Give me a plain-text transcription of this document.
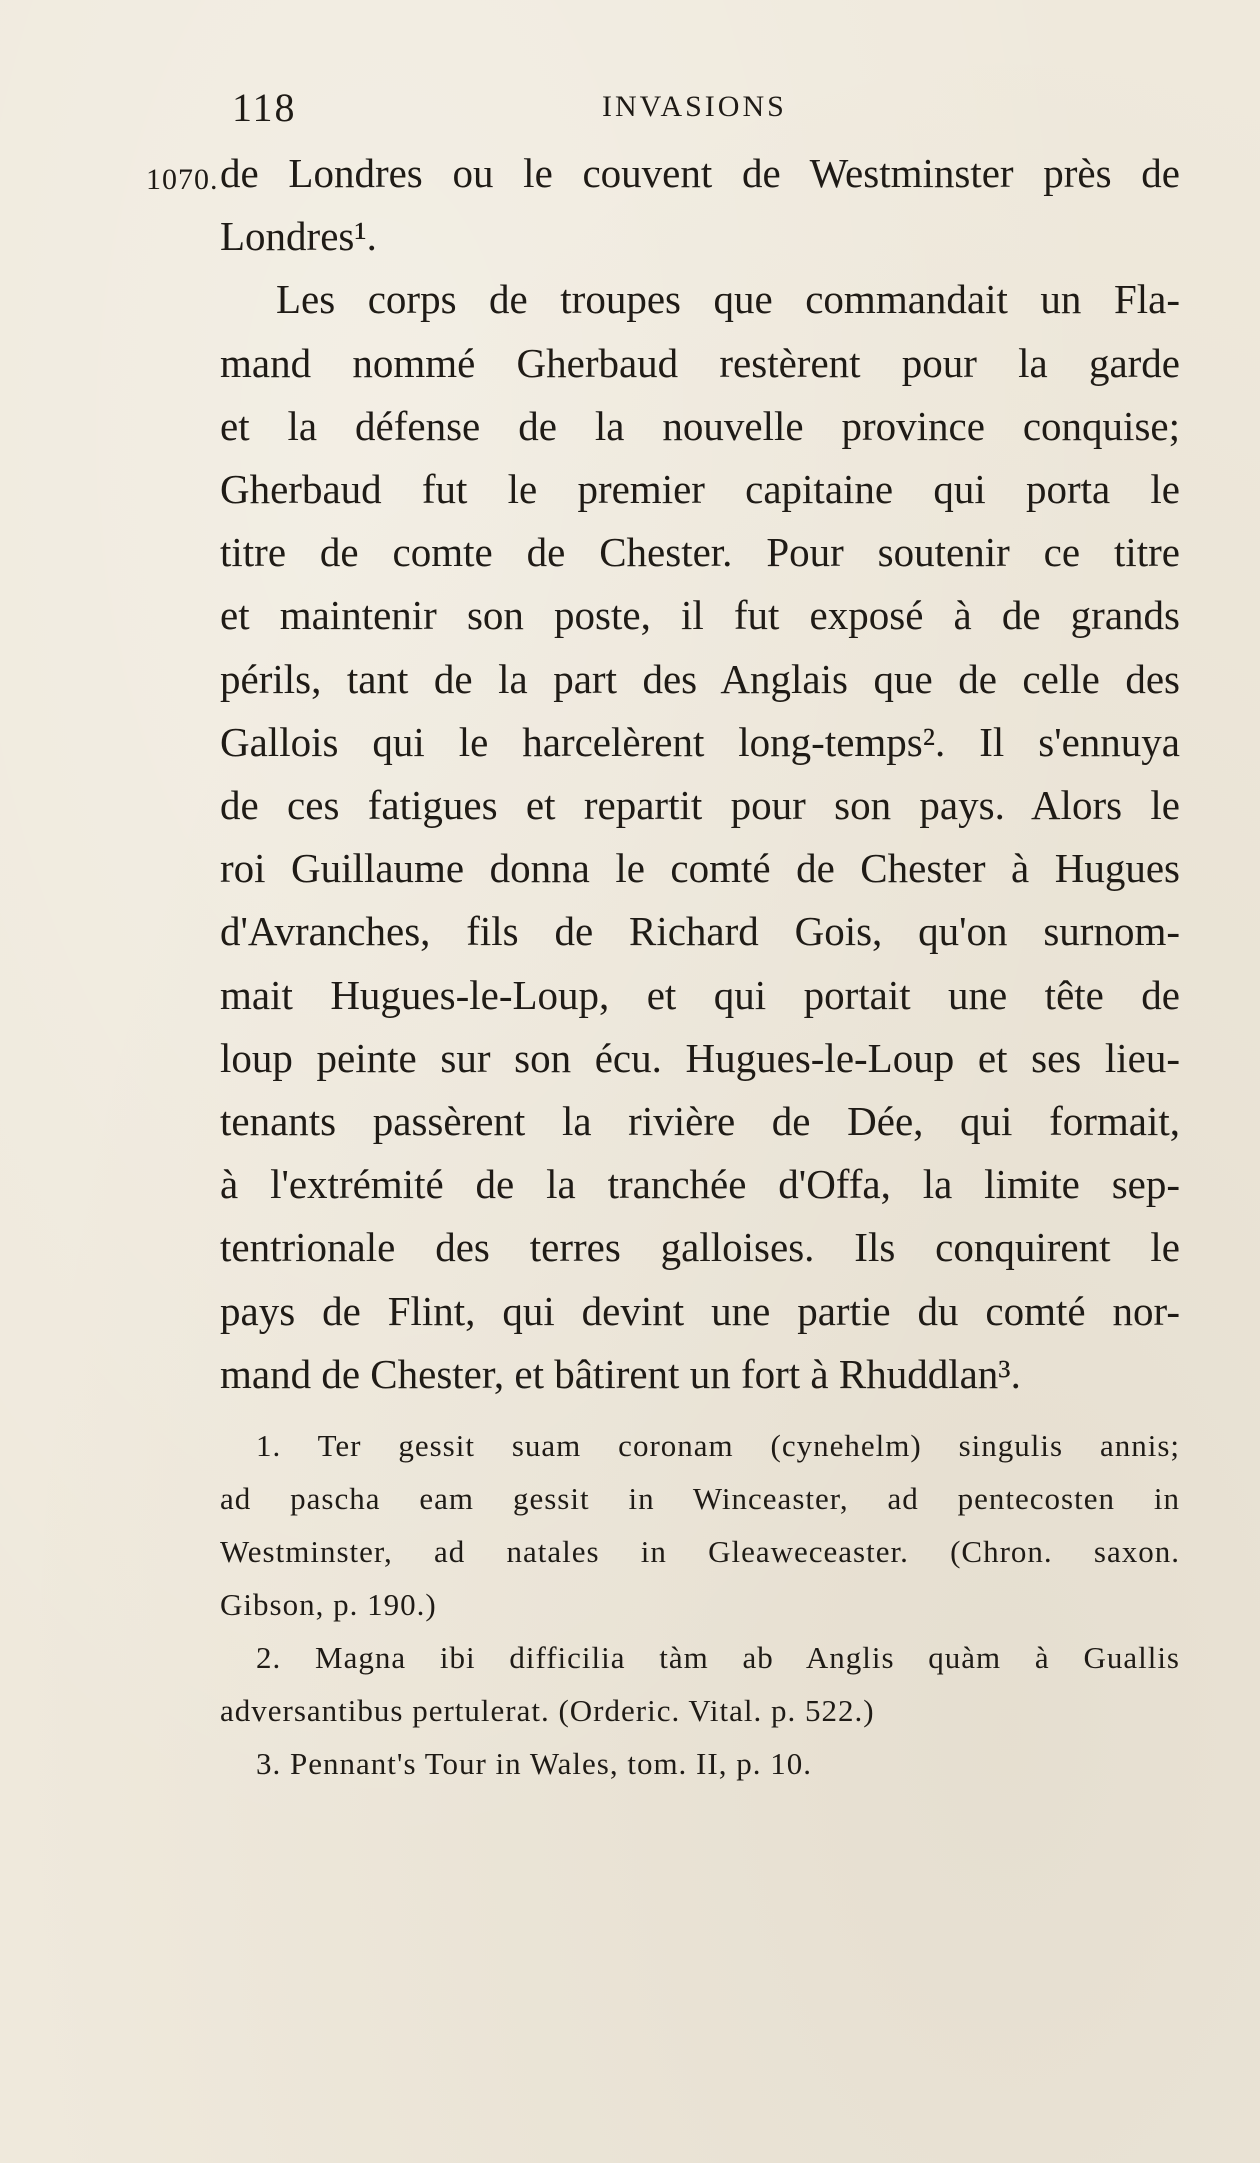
118	INVASIONS
1070. de Londres ou le couvent de Westminster près de
Londres¹.
Les corps de troupes que commandait un Fla-
mand nommé Gherbaud restèrent pour la garde
et la défense de la nouvelle province conquise;
Gherbaud fut le premier capitaine qui porta le
titre de comte de Chester. Pour soutenir ce titre
et maintenir son poste, il fut exposé à de grands
périls, tant de la part des Anglais que de celle des
Gallois qui le harcelèrent long-temps². Il s'ennuya
de ces fatigues et repartit pour son pays. Alors le
roi Guillaume donna le comté de Chester à Hugues
d'Avranches, fils de Richard Gois, qu'on surnom-
mait Hugues-le-Loup, et qui portait une tête de
loup peinte sur son écu. Hugues-le-Loup et ses lieu-
tenants passèrent la rivière de Dée, qui formait,
à l'extrémité de la tranchée d'Offa, la limite sep-
tentrionale des terres galloises. Ils conquirent le
pays de Flint, qui devint une partie du comté nor-
mand de Chester, et bâtirent un fort à Rhuddlan³.
1. Ter gessit suam coronam (cynehelm) singulis annis;
ad pascha eam gessit in Winceaster, ad pentecosten in
Westminster, ad natales in Gleaweceaster. (Chron. saxon.
Gibson, p. 190.)
2. Magna ibi difficilia tàm ab Anglis quàm à Guallis
adversantibus pertulerat. (Orderic. Vital. p. 522.)
3. Pennant's Tour in Wales, tom. II, p. 10.
